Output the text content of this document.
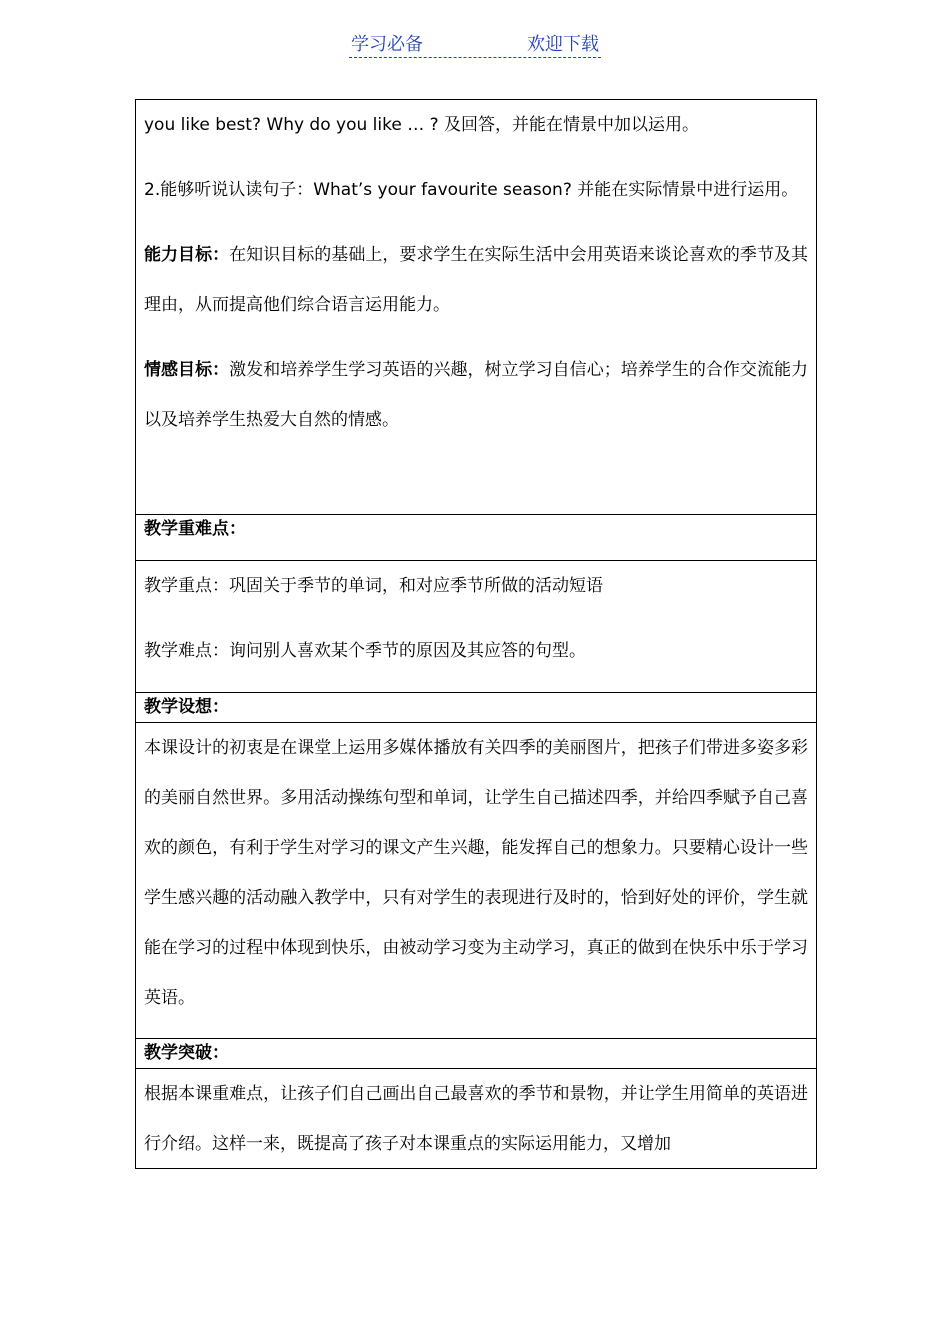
学习必备	欢迎下载

you like best? Why do you like … ? 及回答，并能在情景中加以运用。

2.能够听说认读句子：What’s your favourite season? 并能在实际情景中进行运用。

能力目标：在知识目标的基础上，要求学生在实际生活中会用英语来谈论喜欢的季节及其理由，从而提高他们综合语言运用能力。

情感目标：激发和培养学生学习英语的兴趣，树立学习自信心；培养学生的合作交流能力以及培养学生热爱大自然的情感。

教学重难点：

教学重点：巩固关于季节的单词，和对应季节所做的活动短语

教学难点：询问别人喜欢某个季节的原因及其应答的句型。

教学设想：

本课设计的初衷是在课堂上运用多媒体播放有关四季的美丽图片，把孩子们带进多姿多彩的美丽自然世界。多用活动操练句型和单词，让学生自己描述四季，并给四季赋予自己喜欢的颜色，有利于学生对学习的课文产生兴趣，能发挥自己的想象力。只要精心设计一些学生感兴趣的活动融入教学中，只有对学生的表现进行及时的，恰到好处的评价，学生就能在学习的过程中体现到快乐，由被动学习变为主动学习，真正的做到在快乐中乐于学习英语。

教学突破：

根据本课重难点，让孩子们自己画出自己最喜欢的季节和景物，并让学生用简单的英语进行介绍。这样一来，既提高了孩子对本课重点的实际运用能力，又增加
